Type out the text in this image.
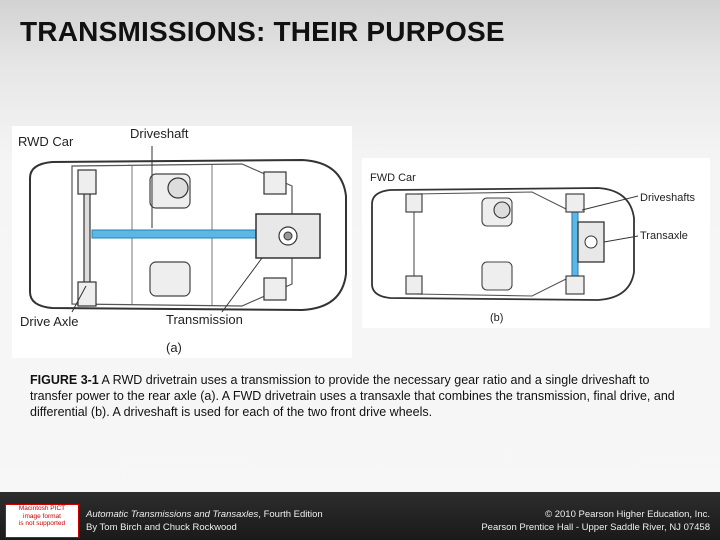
TRANSMISSIONS: THEIR PURPOSE
RWD Car
Driveshaft
Drive Axle	Transmission
(a)
FWD Car
Driveshafts
Transaxle
(b)

FIGURE 3-1 A RWD drivetrain uses a transmission to provide the necessary gear ratio and a single driveshaft to transfer power to the rear axle (a). A FWD drivetrain uses a transaxle that combines the transmission, final drive, and differential (b). A driveshaft is used for each of the two front drive wheels.

Macintosh PICT
image format
is not supported
Automatic Transmissions and Transaxles, Fourth Edition
By Tom Birch and Chuck Rockwood
© 2010 Pearson Higher Education, Inc.
Pearson Prentice Hall - Upper Saddle River, NJ 07458
